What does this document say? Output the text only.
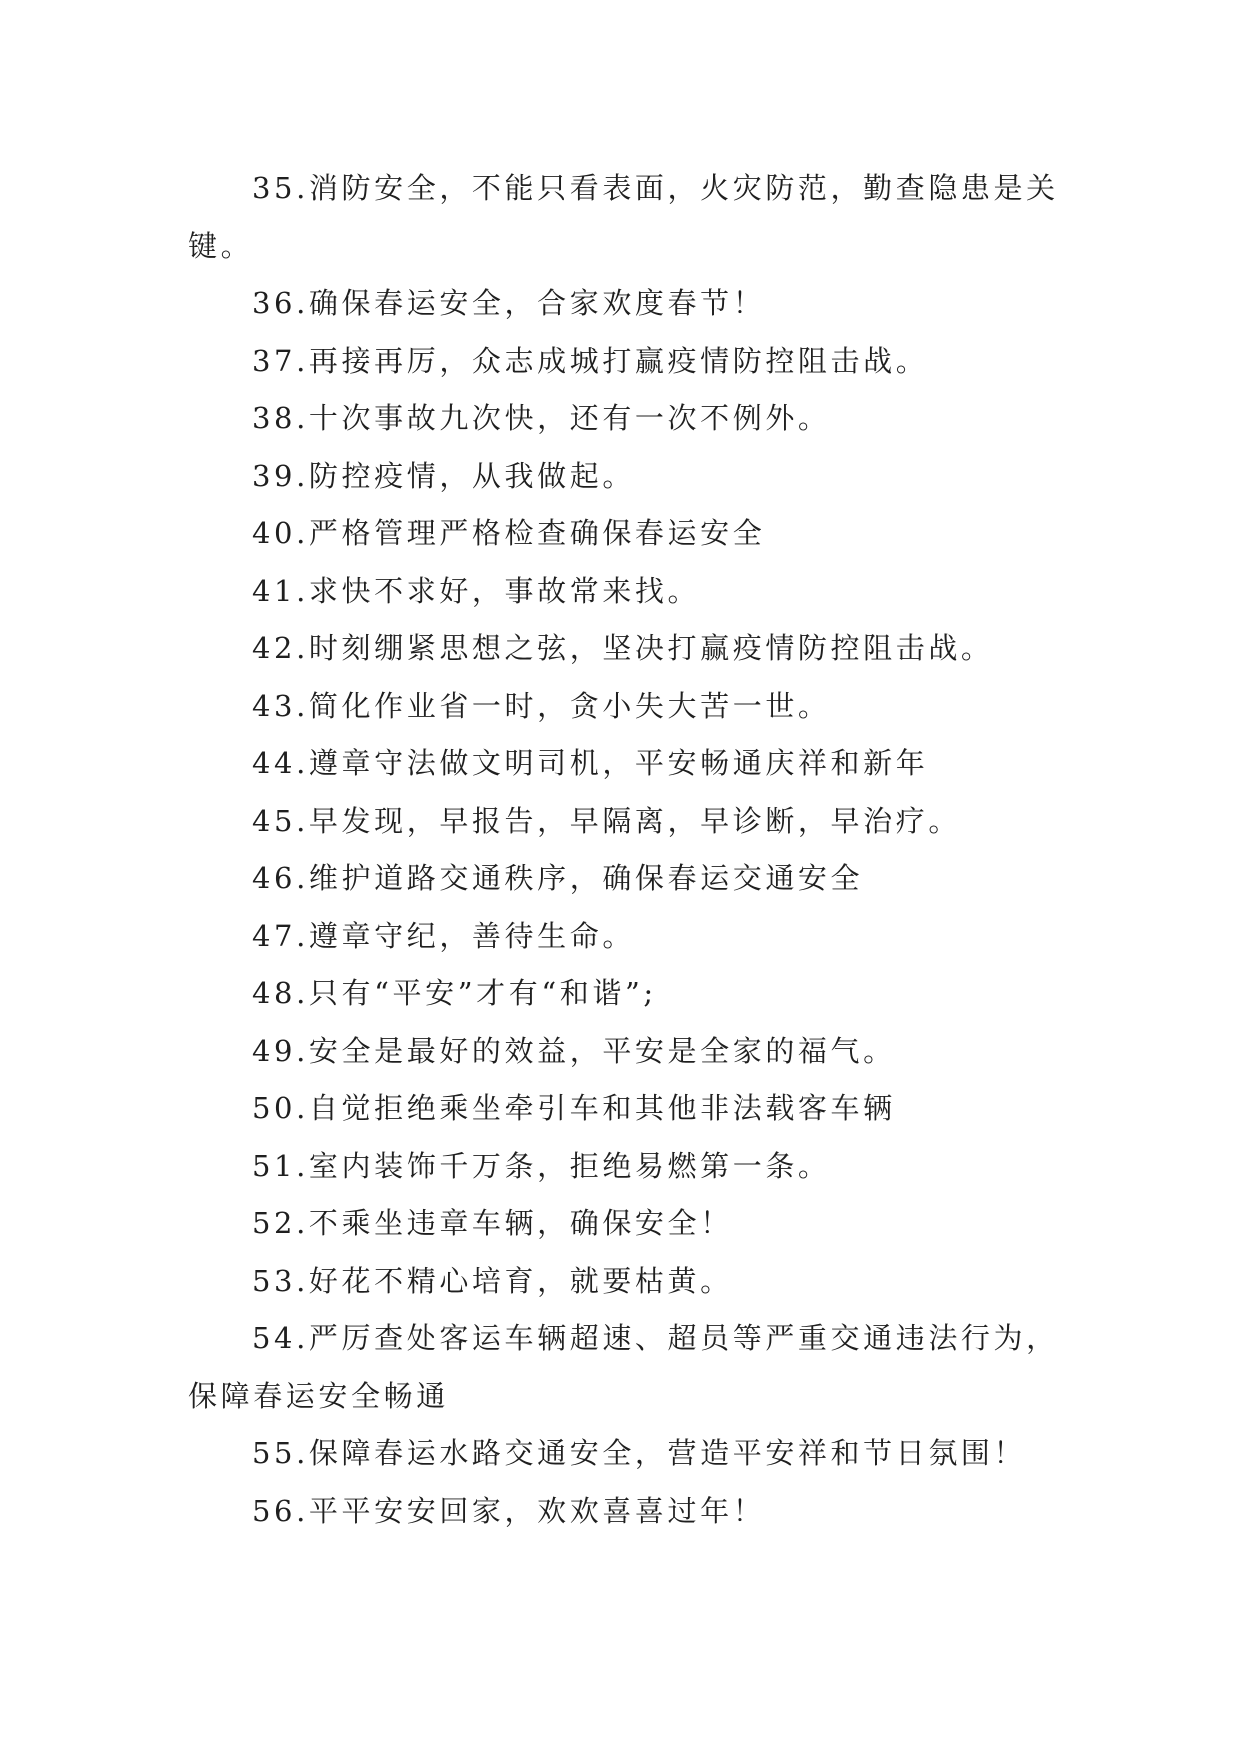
35.消防安全，不能只看表面，火灾防范，勤查隐患是关键。

36.确保春运安全，合家欢度春节！

37.再接再厉，众志成城打赢疫情防控阻击战。

38.十次事故九次快，还有一次不例外。

39.防控疫情，从我做起。

40.严格管理严格检查确保春运安全

41.求快不求好，事故常来找。

42.时刻绷紧思想之弦，坚决打赢疫情防控阻击战。

43.简化作业省一时，贪小失大苦一世。

44.遵章守法做文明司机，平安畅通庆祥和新年

45.早发现，早报告，早隔离，早诊断，早治疗。

46.维护道路交通秩序，确保春运交通安全

47.遵章守纪，善待生命。

48.只有“平安”才有“和谐”;

49.安全是最好的效益，平安是全家的福气。

50.自觉拒绝乘坐牵引车和其他非法载客车辆

51.室内装饰千万条，拒绝易燃第一条。

52.不乘坐违章车辆，确保安全！

53.好花不精心培育，就要枯黄。

54.严厉查处客运车辆超速、超员等严重交通违法行为，保障春运安全畅通

55.保障春运水路交通安全，营造平安祥和节日氛围！

56.平平安安回家，欢欢喜喜过年！
